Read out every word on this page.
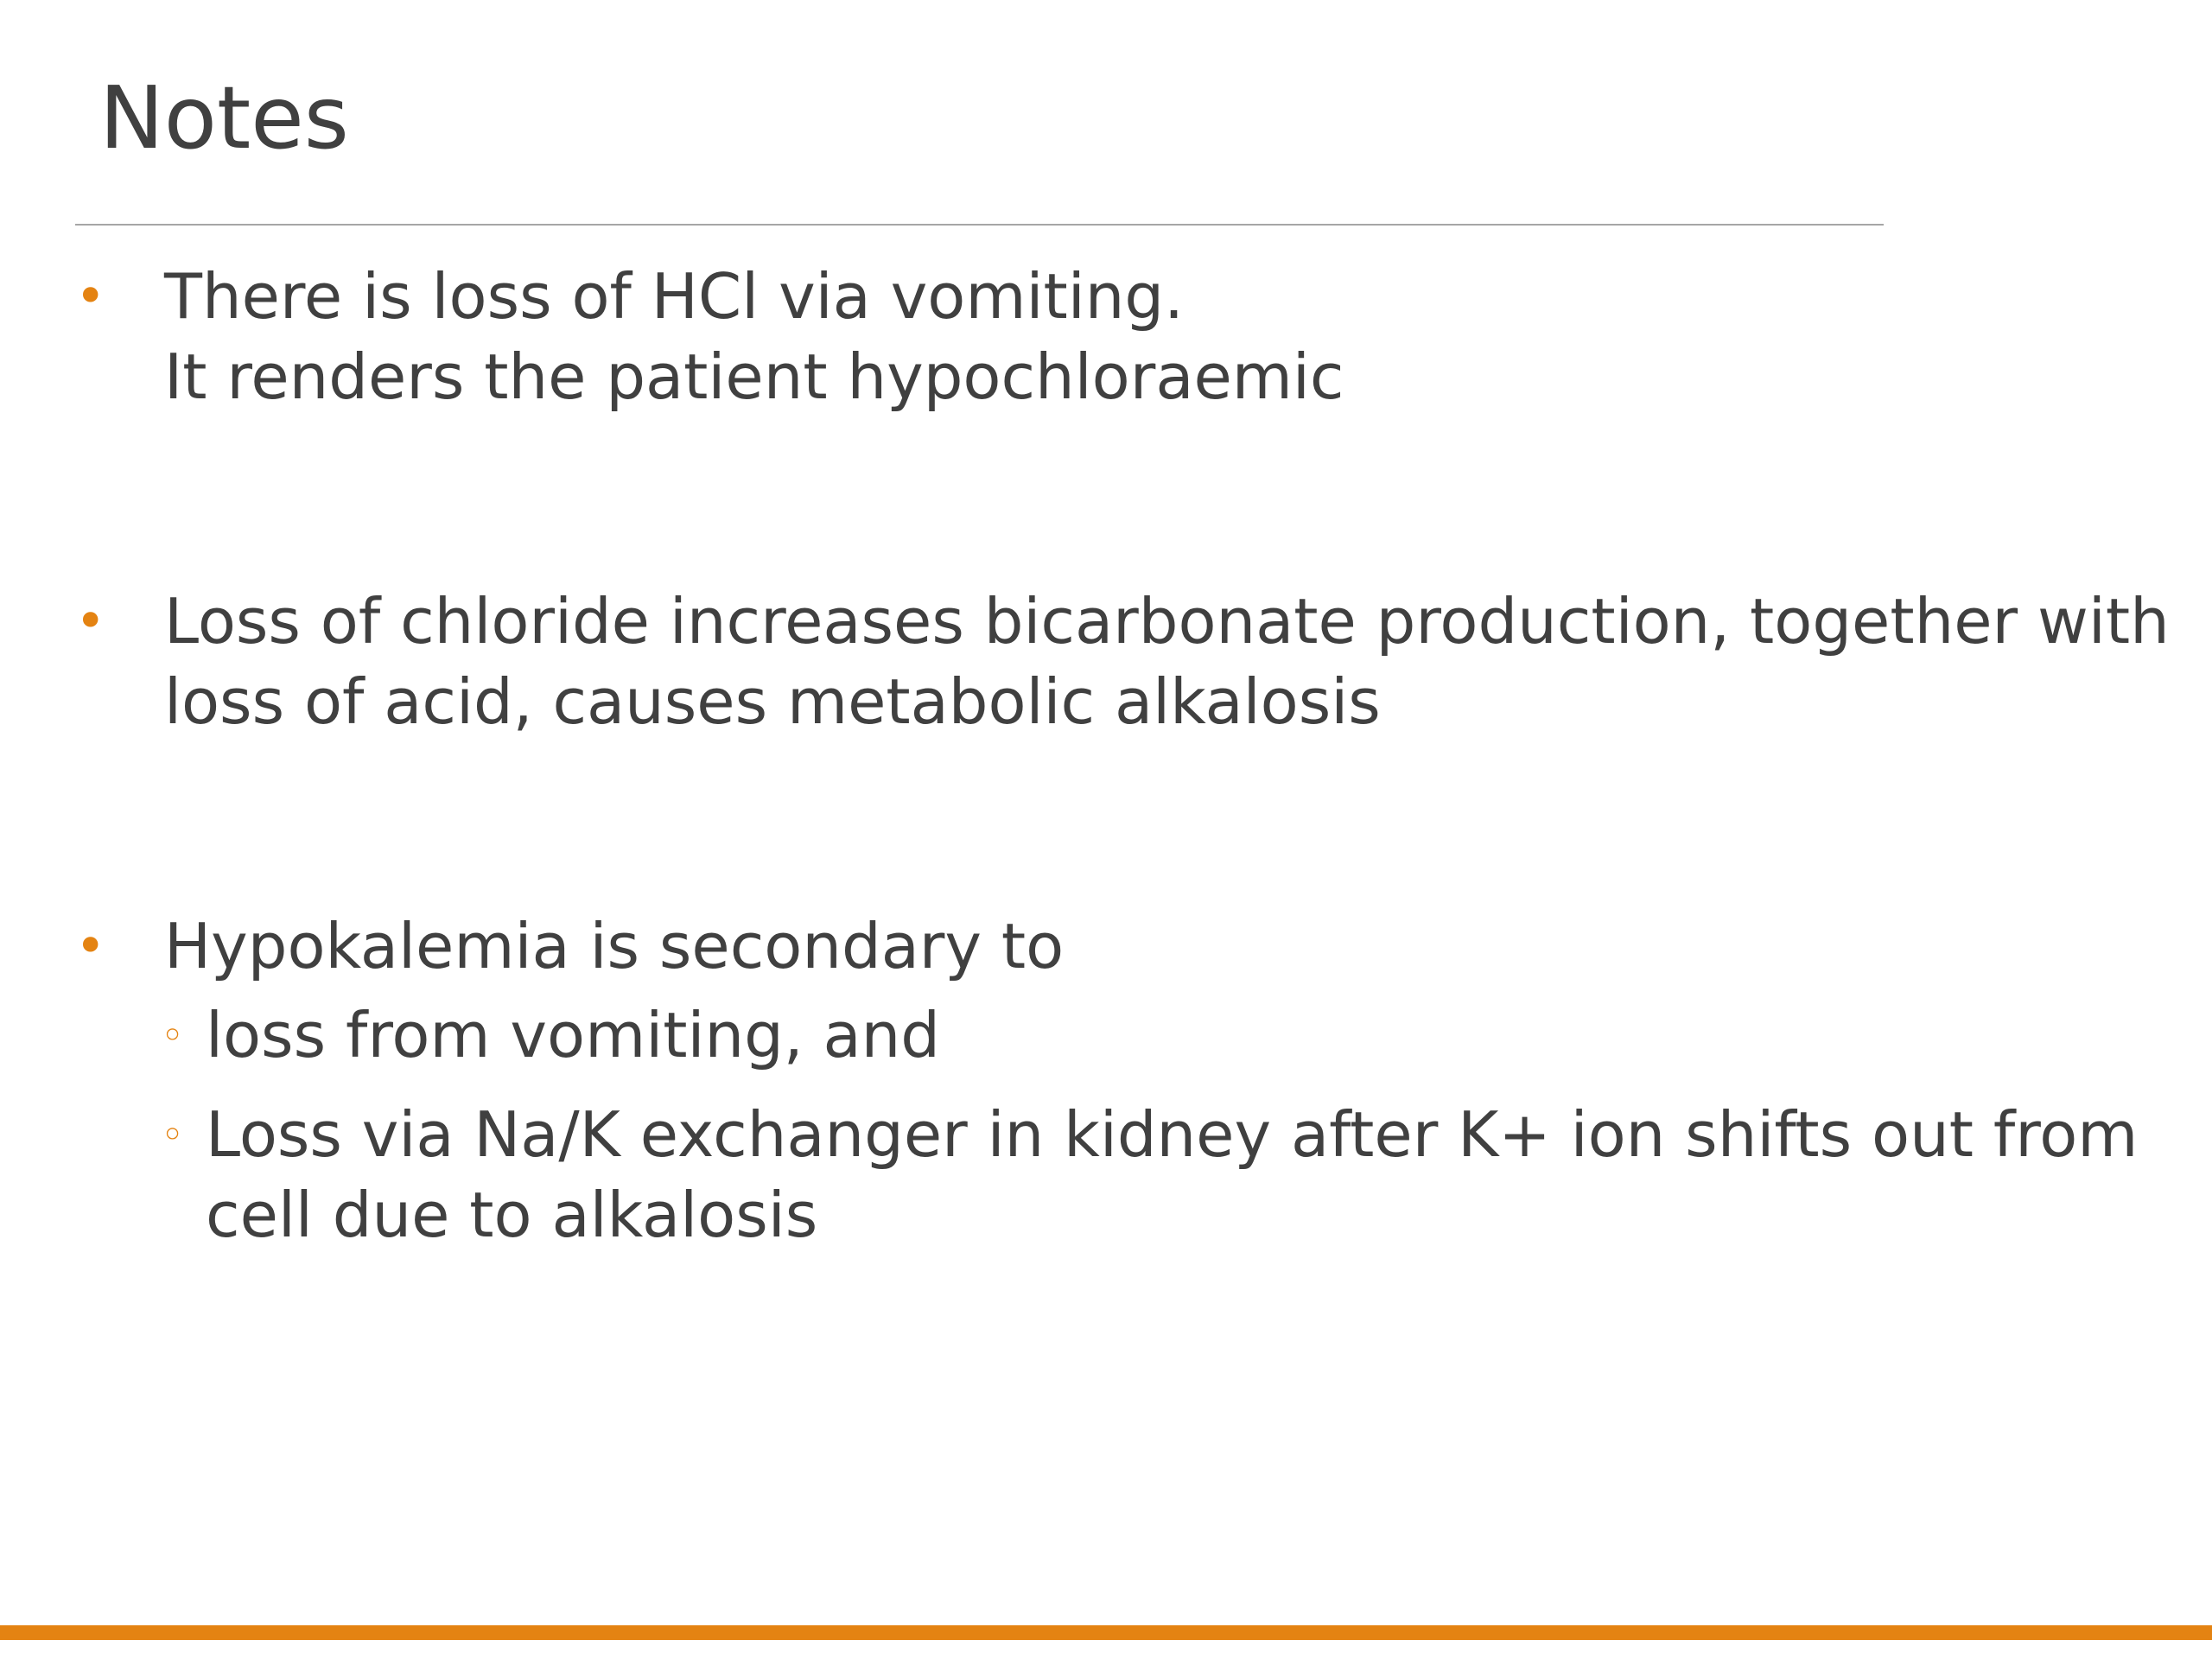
Notes
• There is loss of HCl via vomiting.
It renders the patient hypochloraemic
• Loss of chloride increases bicarbonate production, together with
loss of acid, causes metabolic alkalosis
• Hypokalemia is secondary to
◦ loss from vomiting, and
◦ Loss via Na/K exchanger in kidney after K+ ion shifts out from
cell due to alkalosis
